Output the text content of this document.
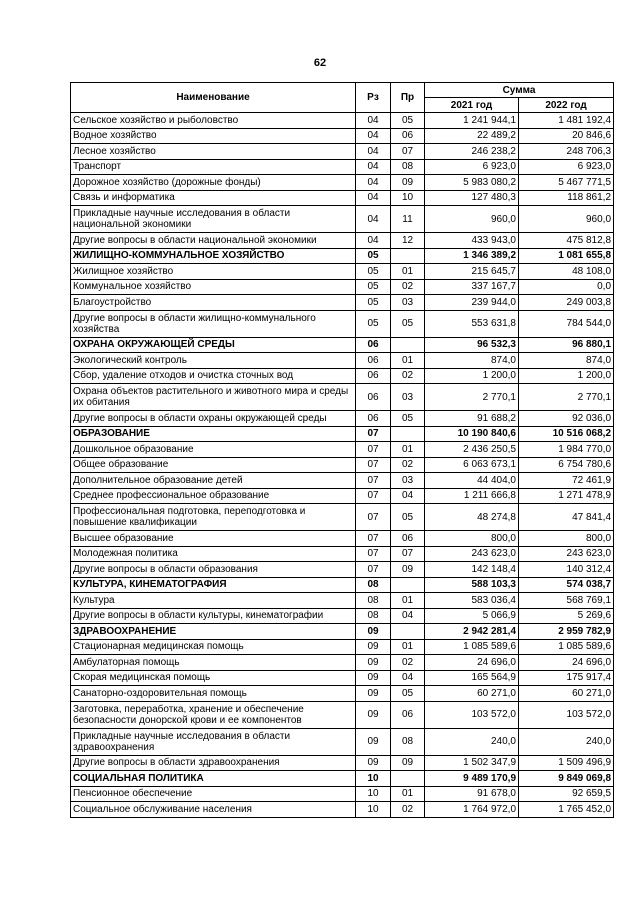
62
Наименование	Рз	Пр	Сумма	
			2021 год	2022 год
Сельское хозяйство и рыболовство	04	05	1 241 944,1	1 481 192,4
Водное хозяйство	04	06	22 489,2	20 846,6
Лесное хозяйство	04	07	246 238,2	248 706,3
Транспорт	04	08	6 923,0	6 923,0
Дорожное хозяйство (дорожные фонды)	04	09	5 983 080,2	5 467 771,5
Связь и информатика	04	10	127 480,3	118 861,2
Прикладные научные исследования в области национальной экономики	04	11	960,0	960,0
Другие вопросы в области национальной экономики	04	12	433 943,0	475 812,8
ЖИЛИЩНО-КОММУНАЛЬНОЕ ХОЗЯЙСТВО	05		1 346 389,2	1 081 655,8
Жилищное хозяйство	05	01	215 645,7	48 108,0
Коммунальное хозяйство	05	02	337 167,7	0,0
Благоустройство	05	03	239 944,0	249 003,8
Другие вопросы в области жилищно-коммунального хозяйства	05	05	553 631,8	784 544,0
ОХРАНА ОКРУЖАЮЩЕЙ СРЕДЫ	06		96 532,3	96 880,1
Экологический контроль	06	01	874,0	874,0
Сбор, удаление отходов и очистка сточных вод	06	02	1 200,0	1 200,0
Охрана объектов растительного и животного мира и среды их обитания	06	03	2 770,1	2 770,1
Другие вопросы в области охраны окружающей среды	06	05	91 688,2	92 036,0
ОБРАЗОВАНИЕ	07		10 190 840,6	10 516 068,2
Дошкольное образование	07	01	2 436 250,5	1 984 770,0
Общее образование	07	02	6 063 673,1	6 754 780,6
Дополнительное образование детей	07	03	44 404,0	72 461,9
Среднее профессиональное образование	07	04	1 211 666,8	1 271 478,9
Профессиональная подготовка, переподготовка и повышение квалификации	07	05	48 274,8	47 841,4
Высшее образование	07	06	800,0	800,0
Молодежная политика	07	07	243 623,0	243 623,0
Другие вопросы в области образования	07	09	142 148,4	140 312,4
КУЛЬТУРА, КИНЕМАТОГРАФИЯ	08		588 103,3	574 038,7
Культура	08	01	583 036,4	568 769,1
Другие вопросы в области культуры, кинематографии	08	04	5 066,9	5 269,6
ЗДРАВООХРАНЕНИЕ	09		2 942 281,4	2 959 782,9
Стационарная медицинская помощь	09	01	1 085 589,6	1 085 589,6
Амбулаторная помощь	09	02	24 696,0	24 696,0
Скорая медицинская помощь	09	04	165 564,9	175 917,4
Санаторно-оздоровительная помощь	09	05	60 271,0	60 271,0
Заготовка, переработка, хранение и обеспечение безопасности донорской крови и ее компонентов	09	06	103 572,0	103 572,0
Прикладные научные исследования в области здравоохранения	09	08	240,0	240,0
Другие вопросы в области здравоохранения	09	09	1 502 347,9	1 509 496,9
СОЦИАЛЬНАЯ ПОЛИТИКА	10		9 489 170,9	9 849 069,8
Пенсионное обеспечение	10	01	91 678,0	92 659,5
Социальное обслуживание населения	10	02	1 764 972,0	1 765 452,0
